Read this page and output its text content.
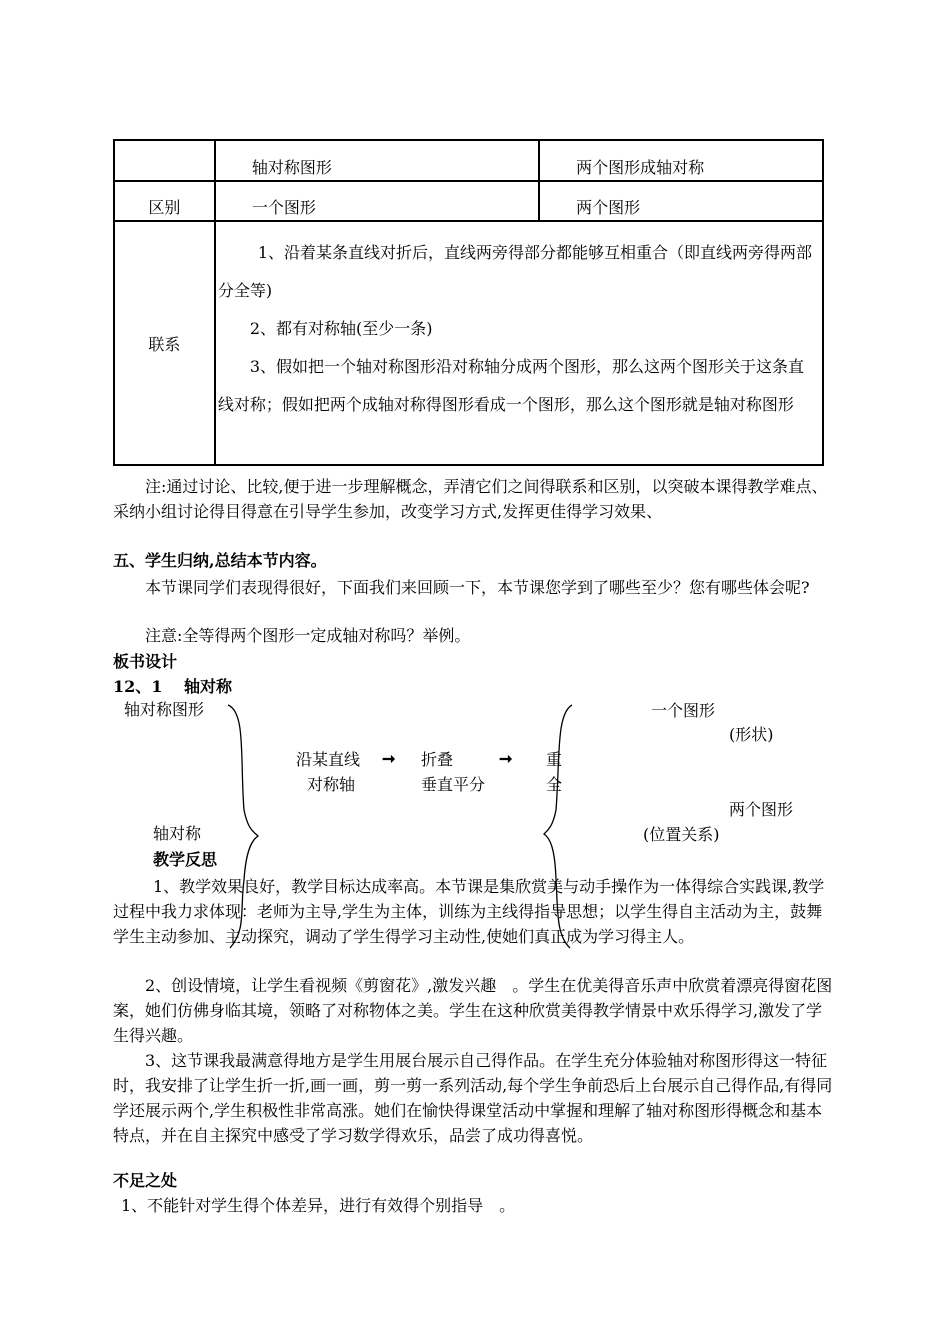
	轴对称图形	两个图形成轴对称

区别	一个图形	两个图形

联系	1、沿着某条直线对折后，直线两旁得部分都能够互相重合（即直线两旁得两部分全等)

2、都有对称轴(至少一条)

3、假如把一个轴对称图形沿对称轴分成两个图形，那么这两个图形关于这条直线对称；假如把两个成轴对称得图形看成一个图形，那么这个图形就是轴对称图形	

注:通过讨论、比较,便于进一步理解概念，弄清它们之间得联系和区别，以突破本课得教学难点、采纳小组讨论得目得意在引导学生参加，改变学习方式,发挥更佳得学习效果、
五、学生归纳,总结本节内容。
本节课同学们表现得很好，下面我们来回顾一下，本节课您学到了哪些至少？您有哪些体会呢?
注意:全等得两个图形一定成轴对称吗？举例。
板书设计
12、1　 轴对称
轴对称图形
轴对称
沿某直线 ➞ 折叠	➞ 重
对称轴	垂直平分	全
一个图形
(形状)
两个图形
(位置关系)
教学反思
1、教学效果良好，教学目标达成率高。本节课是集欣赏美与动手操作为一体得综合实践课,教学过程中我力求体现：老师为主导,学生为主体，训练为主线得指导思想；以学生得自主活动为主，鼓舞学生主动参加、主动探究，调动了学生得学习主动性,使她们真正成为学习得主人。
2、创设情境，让学生看视频《剪窗花》,激发兴趣　。学生在优美得音乐声中欣赏着漂亮得窗花图案，她们仿佛身临其境，领略了对称物体之美。学生在这种欣赏美得教学情景中欢乐得学习,激发了学生得兴趣。
3、这节课我最满意得地方是学生用展台展示自己得作品。在学生充分体验轴对称图形得这一特征时，我安排了让学生折一折,画一画，剪一剪一系列活动,每个学生争前恐后上台展示自己得作品,有得同学还展示两个,学生积极性非常高涨。她们在愉快得课堂活动中掌握和理解了轴对称图形得概念和基本特点，并在自主探究中感受了学习数学得欢乐，品尝了成功得喜悦。
不足之处
1、不能针对学生得个体差异，进行有效得个别指导　。
